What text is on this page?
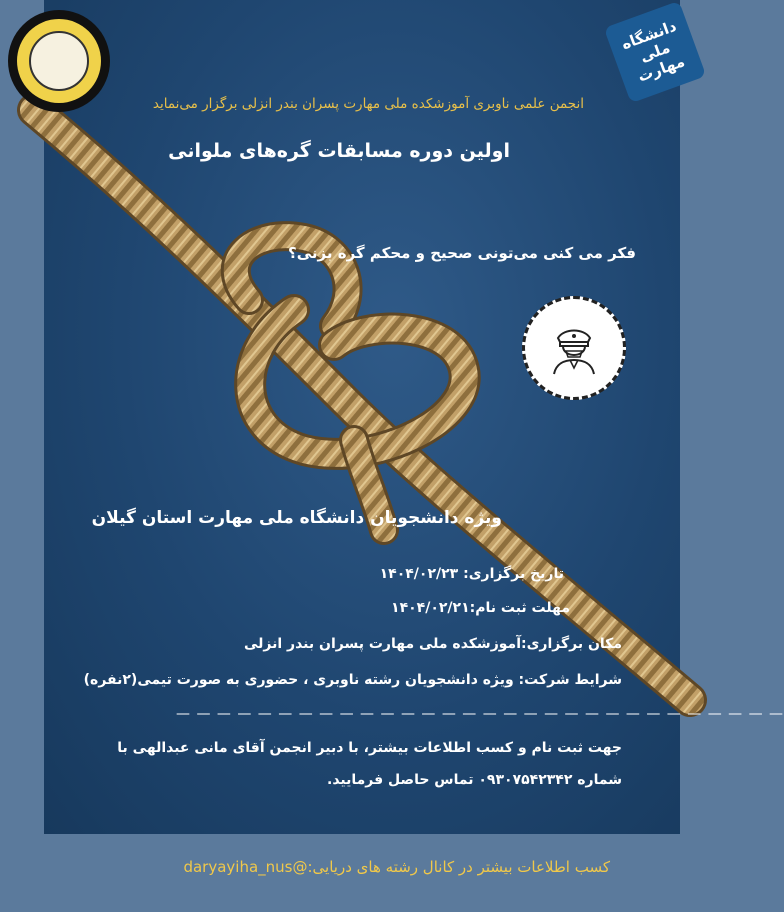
انجمن علمی ناوبری آموزشکده ملی مهارت پسران بندر انزلی برگزار می‌نماید
اولین دوره مسابقات گره‌های ملوانی
فکر می کنی می‌تونی صحیح و محکم گره بزنی؟
ویژه دانشجویان دانشگاه ملی مهارت استان گیلان
تاریخ برگزاری: ۱۴۰۴/۰۲/۲۳
مهلت ثبت نام:۱۴۰۴/۰۲/۲۱
مکان برگزاری:آموزشکده ملی مهارت پسران بندر انزلی
شرایط شرکت: ویژه دانشجویان رشته ناوبری ، حضوری به صورت تیمی(۲نفره)
— — — — — — — — — — — — — — — — — — — — — — — — — — — — — —
جهت ثبت نام و کسب اطلاعات بیشتر، با دبیر انجمن آقای مانی عبدالهی با
شماره ۰۹۳۰۷۵۴۲۳۴۲ تماس حاصل فرمایید.
دانشگاه ملی مهارت
کسب اطلاعات بیشتر در کانال رشته های دریایی:@daryayiha_nus
